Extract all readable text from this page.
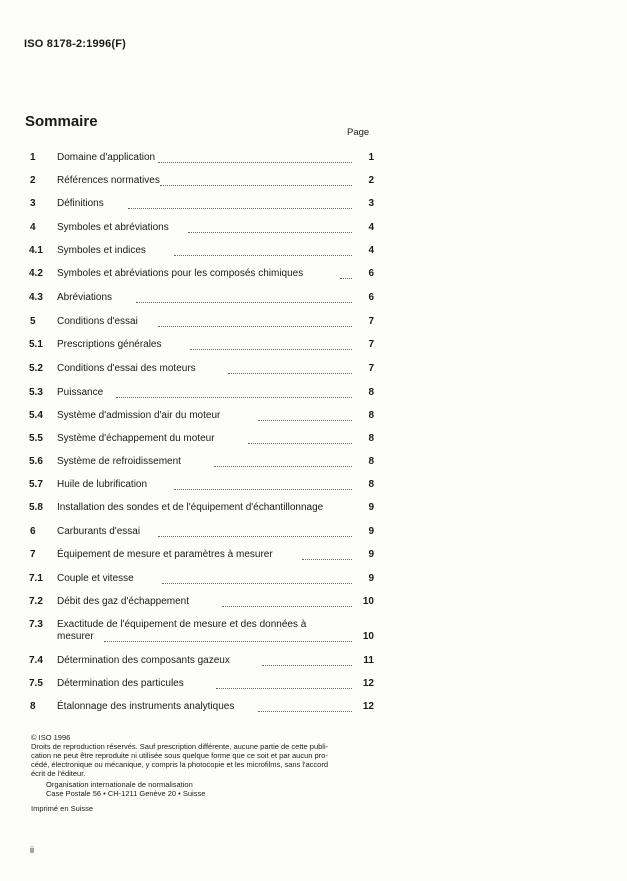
ISO 8178-2:1996(F)
Sommaire
Page
1	Domaine d'application	1
2	Références normatives	2
3	Définitions	3
4	Symboles et abréviations	4
4.1	Symboles et indices	4
4.2	Symboles et abréviations pour les composés chimiques	6
4.3	Abréviations	6
5	Conditions d'essai	7
5.1	Prescriptions générales	7
5.2	Conditions d'essai des moteurs	7
5.3	Puissance	8
5.4	Système d'admission d'air du moteur	8
5.5	Système d'échappement du moteur	8
5.6	Système de refroidissement	8
5.7	Huile de lubrification	8
5.8	Installation des sondes et de l'équipement d'échantillonnage	9
6	Carburants d'essai	9
7	Équipement de mesure et paramètres à mesurer	9
7.1	Couple et vitesse	9
7.2	Débit des gaz d'échappement	10
7.3	Exactitude de l'équipement de mesure et des données à
mesurer	10
7.4	Détermination des composants gazeux	11
7.5	Détermination des particules	12
8	Étalonnage des instruments analytiques	12
© ISO 1996
Droits de reproduction réservés. Sauf prescription différente, aucune partie de cette publi-
cation ne peut être reproduite ni utilisée sous quelque forme que ce soit et par aucun pro-
cédé, électronique ou mécanique, y compris la photocopie et les microfilms, sans l'accord
écrit de l'éditeur.
Organisation internationale de normalisation
Case Postale 56 • CH-1211 Genève 20 • Suisse
Imprimé en Suisse
ii
